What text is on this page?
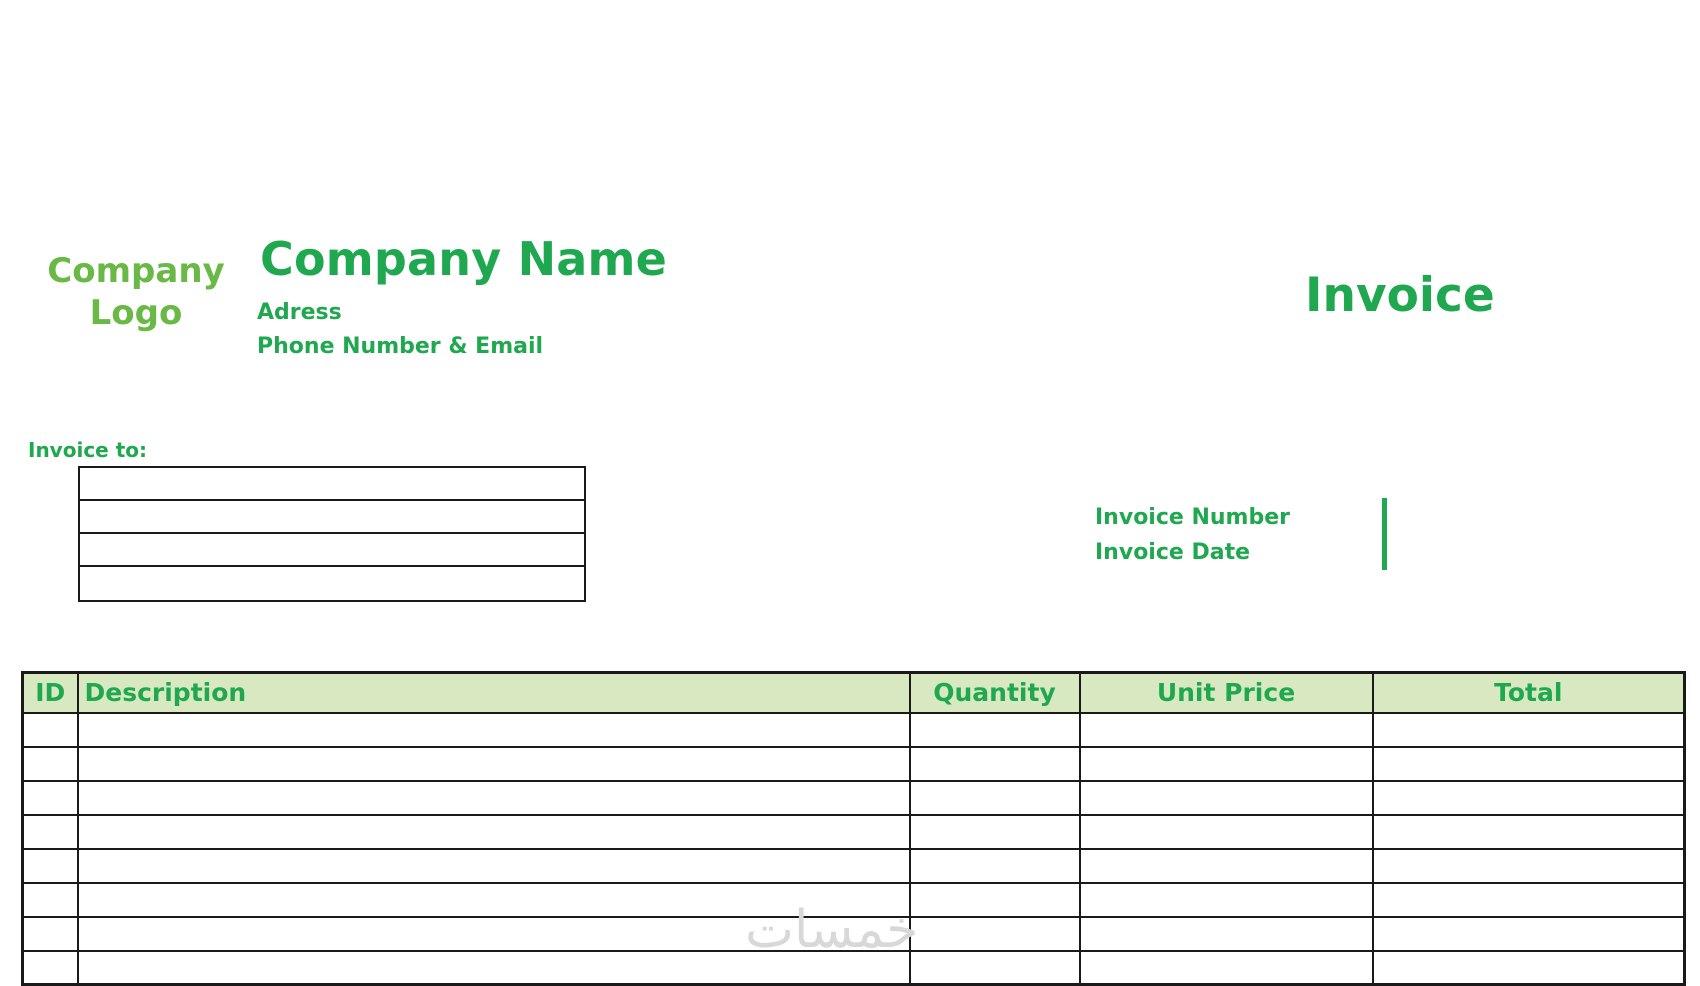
Company
Logo
Company Name
Adress
Phone Number & Email
Invoice
Invoice to:
Invoice Number
Invoice Date
ID	Description	Quantity	Unit Price	Total

خمسات
